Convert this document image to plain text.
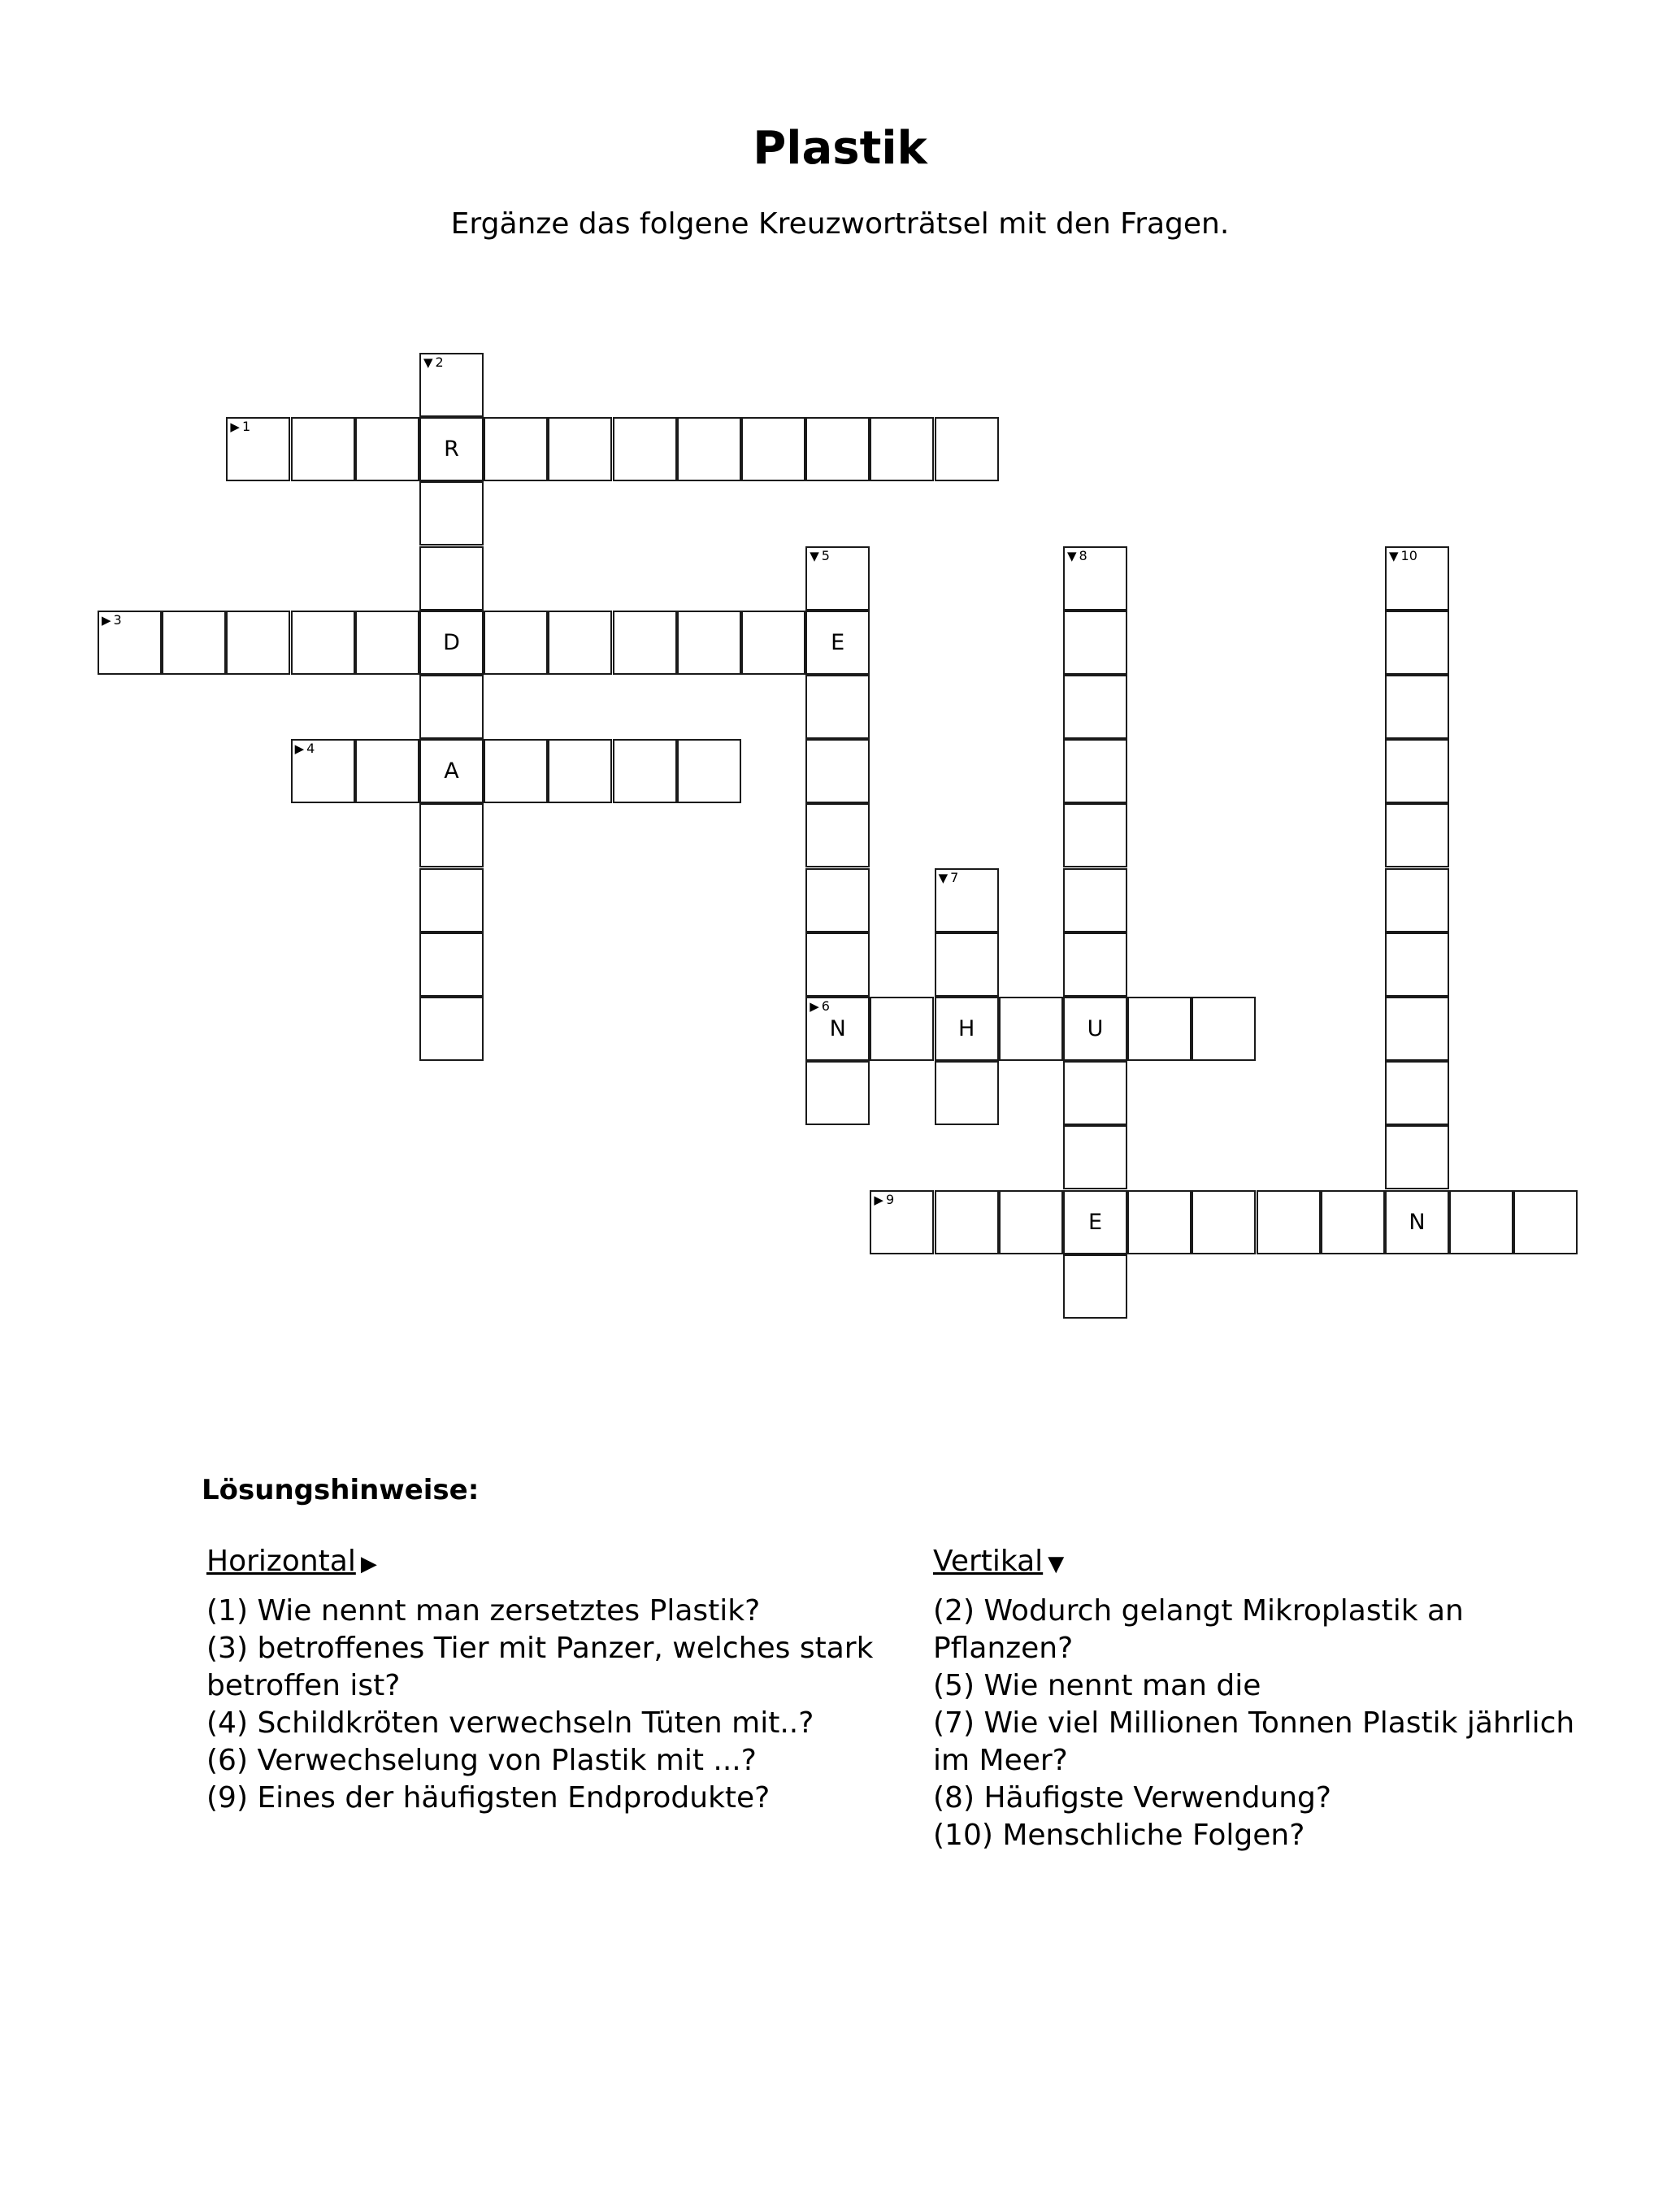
Plastik
Ergänze das folgene Kreuzworträtsel mit den Fragen.
▶ 1
R
▼ 2
D
A
▶ 3
E
▶ 4
▼ 5
▶ 6
N	H	U
▼ 7
▼ 8
E
▶ 9
N
▼ 10
Lösungshinweise:
Horizontal ▶

(1) Wie nennt man zersetztes Plastik?

(3) betroffenes Tier mit Panzer, welches stark betroffen ist?

(4) Schildkröten verwechseln Tüten mit..?

(6) Verwechselung von Plastik mit ...?

(9) Eines der häufigsten Endprodukte?

Vertikal ▼

(2) Wodurch gelangt Mikroplastik an Pflanzen?

(5) Wie nennt man die

(7) Wie viel Millionen Tonnen Plastik jährlich im Meer?

(8) Häufigste Verwendung?

(10) Menschliche Folgen?
